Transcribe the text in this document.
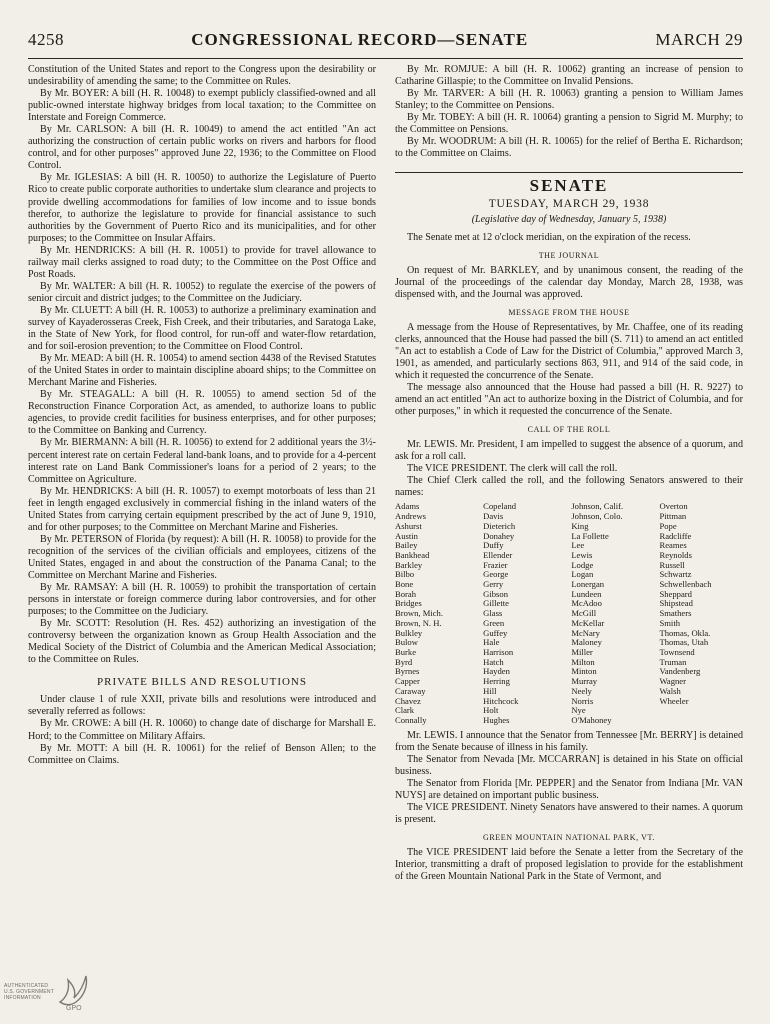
4258	CONGRESSIONAL RECORD—SENATE	MARCH 29

Constitution of the United States and report to the Congress upon the desirability or undesirability of amending the same; to the Committee on Rules.

By Mr. BOYER: A bill (H. R. 10048) to exempt publicly classified-owned and all public-owned interstate highway bridges from local taxation; to the Committee on Interstate and Foreign Commerce.

By Mr. CARLSON: A bill (H. R. 10049) to amend the act entitled "An act authorizing the construction of certain public works on rivers and harbors for flood control, and for other purposes" approved June 22, 1936; to the Committee on Flood Control.

By Mr. IGLESIAS: A bill (H. R. 10050) to authorize the Legislature of Puerto Rico to create public corporate authorities to undertake slum clearance and projects to provide dwelling accommodations for families of low income and to issue bonds therefor, to authorize the legislature to provide for financial assistance to such authorities by the Government of Puerto Rico and its municipalities, and for other purposes; to the Committee on Insular Affairs.

By Mr. HENDRICKS: A bill (H. R. 10051) to provide for travel allowance to railway mail clerks assigned to road duty; to the Committee on the Post Office and Post Roads.

By Mr. WALTER: A bill (H. R. 10052) to regulate the exercise of the powers of senior circuit and district judges; to the Committee on the Judiciary.

By Mr. CLUETT: A bill (H. R. 10053) to authorize a preliminary examination and survey of Kayaderosseras Creek, Fish Creek, and their tributaries, and Saratoga Lake, in the State of New York, for flood control, for run-off and water-flow retardation, and for soil-erosion prevention; to the Committee on Flood Control.

By Mr. MEAD: A bill (H. R. 10054) to amend section 4438 of the Revised Statutes of the United States in order to maintain discipline aboard ships; to the Committee on Merchant Marine and Fisheries.

By Mr. STEAGALL: A bill (H. R. 10055) to amend section 5d of the Reconstruction Finance Corporation Act, as amended, to authorize loans to public agencies, to provide credit facilities for business enterprises, and for other purposes; to the Committee on Banking and Currency.

By Mr. BIERMANN: A bill (H. R. 10056) to extend for 2 additional years the 3½-percent interest rate on certain Federal land-bank loans, and to provide for a 4-percent interest rate on Land Bank Commissioner's loans for a period of 2 years; to the Committee on Agriculture.

By Mr. HENDRICKS: A bill (H. R. 10057) to exempt motorboats of less than 21 feet in length engaged exclusively in commercial fishing in the inland waters of the United States from carrying certain equipment prescribed by the act of June 9, 1910, and for other purposes; to the Committee on Merchant Marine and Fisheries.

By Mr. PETERSON of Florida (by request): A bill (H. R. 10058) to provide for the recognition of the services of the civilian officials and employees, citizens of the United States, engaged in and about the construction of the Panama Canal; to the Committee on Merchant Marine and Fisheries.

By Mr. RAMSAY: A bill (H. R. 10059) to prohibit the transportation of certain persons in interstate or foreign commerce during labor controversies, and for other purposes; to the Committee on the Judiciary.

By Mr. SCOTT: Resolution (H. Res. 452) authorizing an investigation of the controversy between the organization known as Group Health Association and the Medical Society of the District of Columbia and the American Medical Association; to the Committee on Rules.

PRIVATE BILLS AND RESOLUTIONS

Under clause 1 of rule XXII, private bills and resolutions were introduced and severally referred as follows:

By Mr. CROWE: A bill (H. R. 10060) to change date of discharge for Marshall E. Hord; to the Committee on Military Affairs.

By Mr. MOTT: A bill (H. R. 10061) for the relief of Benson Allen; to the Committee on Claims.

By Mr. ROMJUE: A bill (H. R. 10062) granting an increase of pension to Catharine Gillaspie; to the Committee on Invalid Pensions.

By Mr. TARVER: A bill (H. R. 10063) granting a pension to William James Stanley; to the Committee on Pensions.

By Mr. TOBEY: A bill (H. R. 10064) granting a pension to Sigrid M. Murphy; to the Committee on Pensions.

By Mr. WOODRUM: A bill (H. R. 10065) for the relief of Bertha E. Richardson; to the Committee on Claims.

SENATE
TUESDAY, MARCH 29, 1938
(Legislative day of Wednesday, January 5, 1938)

The Senate met at 12 o'clock meridian, on the expiration of the recess.

THE JOURNAL

On request of Mr. BARKLEY, and by unanimous consent, the reading of the Journal of the proceedings of the calendar day Monday, March 28, 1938, was dispensed with, and the Journal was approved.

MESSAGE FROM THE HOUSE

A message from the House of Representatives, by Mr. Chaffee, one of its reading clerks, announced that the House had passed the bill (S. 711) to amend an act entitled "An act to establish a Code of Law for the District of Columbia," approved March 3, 1901, as amended, and particularly sections 863, 911, and 914 of the said code, in which it requested the concurrence of the Senate.

The message also announced that the House had passed a bill (H. R. 9227) to amend an act entitled "An act to authorize boxing in the District of Columbia, and for other purposes," in which it requested the concurrence of the Senate.

CALL OF THE ROLL

Mr. LEWIS. Mr. President, I am impelled to suggest the absence of a quorum, and ask for a roll call.

The VICE PRESIDENT. The clerk will call the roll.

The Chief Clerk called the roll, and the following Senators answered to their names:

Adams
Andrews
Ashurst
Austin
Bailey
Bankhead
Barkley
Bilbo
Bone
Borah
Bridges
Brown, Mich.
Brown, N. H.
Bulkley
Bulow
Burke
Byrd
Byrnes
Capper
Caraway
Chavez
Clark
Connally
Copeland
Davis
Dieterich
Donahey
Duffy
Ellender
Frazier
George
Gerry
Gibson
Gillette
Glass
Green
Guffey
Hale
Harrison
Hatch
Hayden
Herring
Hill
Hitchcock
Holt
Hughes
Johnson, Calif.
Johnson, Colo.
King
La Follette
Lee
Lewis
Lodge
Logan
Lonergan
Lundeen
McAdoo
McGill
McKellar
McNary
Maloney
Miller
Milton
Minton
Murray
Neely
Norris
Nye
O'Mahoney
Overton
Pittman
Pope
Radcliffe
Reames
Reynolds
Russell
Schwartz
Schwellenbach
Sheppard
Shipstead
Smathers
Smith
Thomas, Okla.
Thomas, Utah
Townsend
Truman
Vandenberg
Wagner
Walsh
Wheeler

Mr. LEWIS. I announce that the Senator from Tennessee [Mr. BERRY] is detained from the Senate because of illness in his family.

The Senator from Nevada [Mr. MCCARRAN] is detained in his State on official business.

The Senator from Florida [Mr. PEPPER] and the Senator from Indiana [Mr. VAN NUYS] are detained on important public business.

The VICE PRESIDENT. Ninety Senators have answered to their names. A quorum is present.

GREEN MOUNTAIN NATIONAL PARK, VT.

The VICE PRESIDENT laid before the Senate a letter from the Secretary of the Interior, transmitting a draft of proposed legislation to provide for the establishment of the Green Mountain National Park in the State of Vermont, and

AUTHENTICATED
U.S. GOVERNMENT
INFORMATION
GPO
